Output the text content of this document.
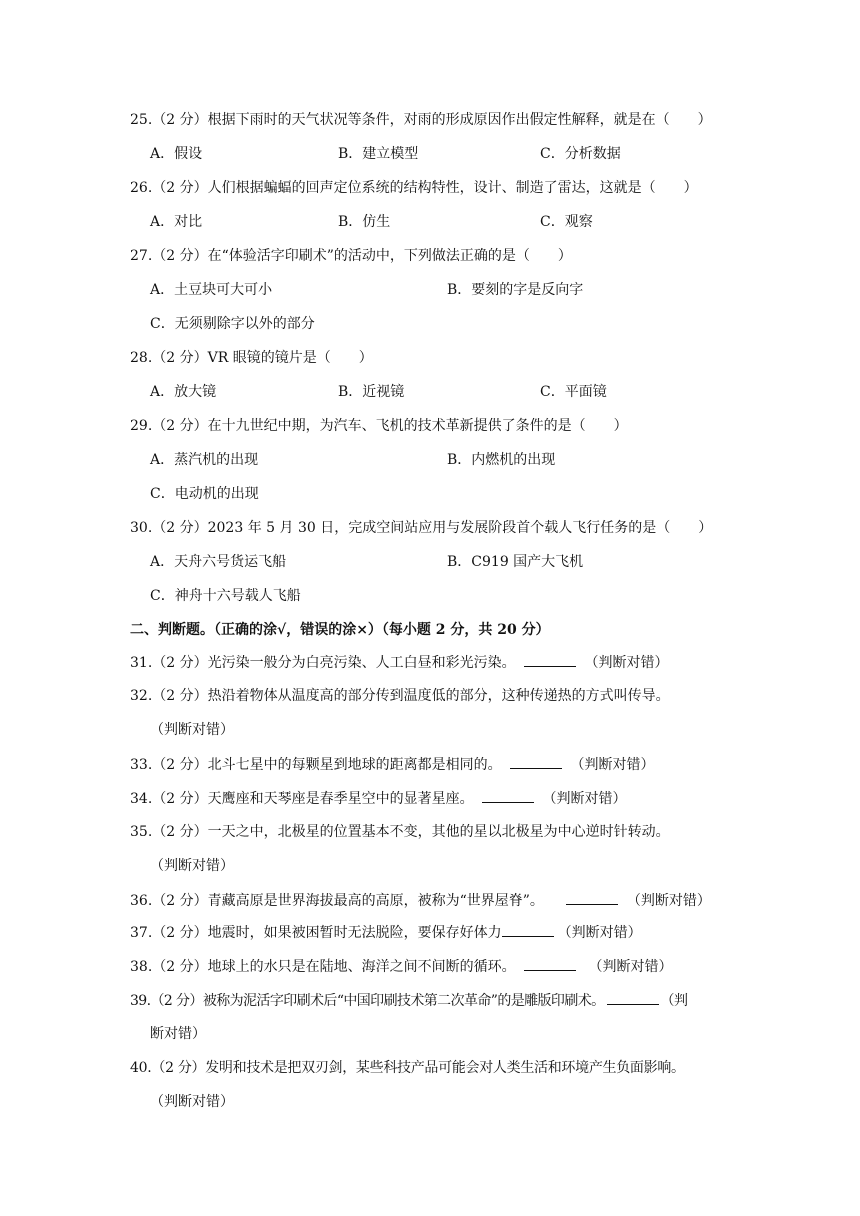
25.（2 分）根据下雨时的天气状况等条件，对雨的形成原因作出假定性解释，就是在（　　）
A．假设	B．建立模型	C．分析数据
26.（2 分）人们根据蝙蝠的回声定位系统的结构特性，设计、制造了雷达，这就是（　　）
A．对比	B．仿生	C．观察
27.（2 分）在“体验活字印刷术”的活动中，下列做法正确的是（　　）
A．土豆块可大可小	B．要刻的字是反向字
C．无须剔除字以外的部分
28.（2 分）VR 眼镜的镜片是（　　）
A．放大镜	B．近视镜	C．平面镜
29.（2 分）在十九世纪中期，为汽车、飞机的技术革新提供了条件的是（　　）
A．蒸汽机的出现	B．内燃机的出现
C．电动机的出现
30.（2 分）2023 年 5 月 30 日，完成空间站应用与发展阶段首个载人飞行任务的是（　　）
A．天舟六号货运飞船	B．C919 国产大飞机
C．神舟十六号载人飞船
二、判断题。（正确的涂√，错误的涂×）（每小题 2 分，共 20 分）
31.（2 分）光污染一般分为白亮污染、人工白昼和彩光污染。	（判断对错）
32.（2 分）热沿着物体从温度高的部分传到温度低的部分，这种传递热的方式叫传导。
（判断对错）
33.（2 分）北斗七星中的每颗星到地球的距离都是相同的。	（判断对错）
34.（2 分）天鹰座和天琴座是春季星空中的显著星座。	（判断对错）
35.（2 分）一天之中，北极星的位置基本不变，其他的星以北极星为中心逆时针转动。
（判断对错）
36.（2 分）青藏高原是世界海拔最高的高原，被称为“世界屋脊”。	（判断对错）
37.（2 分）地震时，如果被困暂时无法脱险，要保存好体力	（判断对错）
38.（2 分）地球上的水只是在陆地、海洋之间不间断的循环。	（判断对错）
39.（2 分）被称为泥活字印刷术后“中国印刷技术第二次革命”的是雕版印刷术。	（判
断对错）
40.（2 分）发明和技术是把双刃剑，某些科技产品可能会对人类生活和环境产生负面影响。
（判断对错）
